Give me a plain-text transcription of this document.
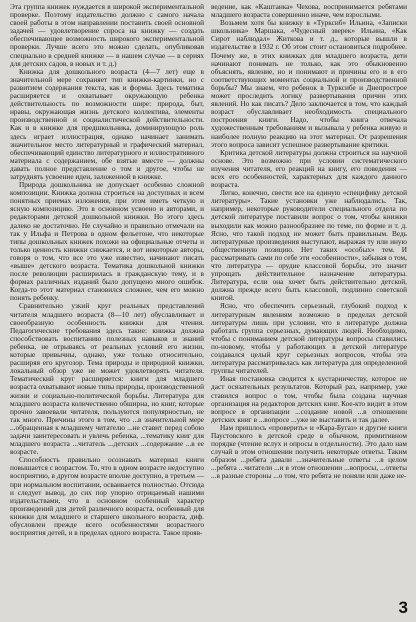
Эта группа книжек нуждается в широкой экспериментальной проверке. Поэтому издательство должно с самого начала своей работы в этом направлении поставить своей основной задачей — удовлетворение спроса на книжку — создать обеспечивающее возможность широкого экспериментальной проверки. Лучше всего это можно сделать, опубликовав специально в средней книжке — в нашем случае — в сериях для детских садов, в новых и т. д.)

Книжка для дошкольного возраста (4—7 лет) еще в значительной мере сохраняет тип книжки-картинки, но с развитием содержания текста, как и формы. Здесь тематика расширяется и охватывает окружающую ребенка действительность по возможности шире: природа, быт, нравы, окружающая жизнь детского коллектива, элементы производственной и социалистической действительности. Как и в книжке для предшкольника, доминирующую роль здесь играет иллюстрация, однако начинает занимать значительное место литературный и графический материал, обеспечивающий единство литературного и иллюстративного материала с содержанием, обе взятые вместе — должны давать полное представление о том и другое, чтобы не затруднять усвоение идеи, заложенной в книжке.

Природа дошкольника не допускает особенно сложной композиции. Книжка должна строиться на доступных и всем понятных приемах изложения, при этом иметь четкую и ясную композицию. Это в основном усвоено и авторами, и редакторами детской дошкольной книжки. Но этого здесь далеко не достаточно. Не случайно и правильно отмечали на так у Ильфа и Петрова в одном фельетоне, что некоторые типы дошкольных книжек похожи на официальные отчеты и только ценность книжки снижается, и вот некоторые авторы, говоря о том, что все это уже известно, начинают писать «выше» детского возраста. Тематика дошкольной книжки после революции расширилась в гражданскую тему, и в формах различных изданий было допущено много ошибок. Когда-то этот материал становился сложнее, чем его можно понять ребенку.

Сравнительно узкий круг реальных представлений читателя младшего возраста (8—10 лет) обуславливает и своеобразную особенность книжки для чтения. Педагогические требования здесь такие: книжка должна способствовать воспитанию полезных навыков и знаний ребенка, не отрываясь от реальных условий его жизни, которые привычны, однако, уже только относительно, расширяя его кругозор. Тема природы и природной книжки, локальный обзор уже не может удовлетворять читателя. Тематический круг расширяется: книги для младшего возраста охватывают новые типы природы, производственной жизни и социально-политической борьбы. Литература для младшего возраста количественно обширна, но книг, которые прочно завоевали читателя, пользуются популярностью, не так много. Причины этого в том, что ...в значительной мере ...обращенная к младшему читателю ...не ставит перед собою задачи заинтересовать и увлечь ребенка, ...тематику книг для младшего возраста ...читатель ...детских ...содержание ...в ее возрасте.

Способность правильно осознавать материал книги повышается с возрастом. То, что в одном возрасте недоступно восприятию, в другом возрасте вполне доступно, в третьем — при нормальном воспитании, осваивается полностью. Отсюда и следует вывод, до сих пор упорно отрицаемый нашими издательствами, что в основном особенный характер произведений для детей различного возраста, особенный для книжки для младшего и старшего школьного возраста, диф. обусловлен прежде всего особенностями возрастного восприятия детей, и в пределах одного возраста. Такое прояв-

ведение, как «Каштанка» Чехова, воспринимается ребятами младшего возраста совершенно иначе, чем взрослыми.

Возьмем хотя бы книжку в «Турксиб» Ильина, «Записки школьника» Маршака, «Чудесный зверек» Ильина, «Как Сирот наблюдал» Житкова и т. д., которые вышли в издательстве в 1932 г. Об этом стоит остановиться подробнее. Почему же, в этих книжках для младшего возраста, дети начинают понимать не только, как это обыкновенно объяснять, явление, но и понимают и причины его и в его соответствующих моментах социальной и производственной борьбы? Мы знаем, что ребенок в Турксибе и Днепрострое может проследить логику развертывания причин этих явлений. Но как писать? Дело заключается в том, что каждый возраст обуславливает необходимость специального построения книги. Надо, чтобы книга отвечала художественным требованиям и вызывала у ребенка живую и наиболее полную реакцию на этот материал. От разрешения этого вопроса зависит успешное развертывание критики.

Критика детской литературы должна строиться на научной основе. Это возможно при условии систематического изучения читателя, его реакций на книгу, его поведения — всех его особенностей, характерных для каждого данного возраста.

Легко, конечно, свести все на единую «специфику детской литературы». Такие установки уже наблюдались. Так, например, некоторые руководители специального отдела по детской литературе поставили вопрос о том, чтобы книжки выходили как можно разнообразнее по теме, по форме и т. д. Ясно, что такой подход не может быть правильным. Ведь литературные произведения выступают, выражая ту или иную общественную позицию. Нет таких «особых» тем. И рассматривать сами по себе эти «особенности», забывая о том, что литература — орудие классовой борьбы, это значит упрощать действительное назначение литературы. Литература, если она хочет быть действительно детской, должна прежде всего быть классовой, подлинно советской книгой.

Ясно, что обеспечить серьезный, глубокий подход к литературным явлениям возможно в пределах детской литературы лишь при условии, что в литературе должна работать группа серьезных, думающих людей. Необходимо, чтобы с пониманием детской литературы вопросы ставились по-новому, чтобы у работающих в детской литературе создавался целый круг серьезных вопросов, чтобы эта литература рассматривалась как литература для определенной группы читателей.

Иная постановка сводится к кустарничеству, которое не даст осязательных результатов. Который раз, например, уже ставился вопрос о том, чтобы была создана научная организация на редакторов детских книг. Кое-кто видит в этом вопросе в организации ...создание новой ...в отношении детских книг в ...вопросе ...уже не выставить и так далее.

Нам пришлось «проверить» и «Кара-Бугаз» и другие книги Паустовского в детской среде в обычном, примитивном порядке (чтение вслух и опросы в отдельности). Это дало нам случай в этом отношении получить некоторые ответы. Таким образом ...ребята давали ...значительные ответы ...в целом ...ребята ...читатели ...и в этом отношении ...вопросы, ...ответы ...в разные стороны ...о том, что ребята не поняли или даже не-

3
